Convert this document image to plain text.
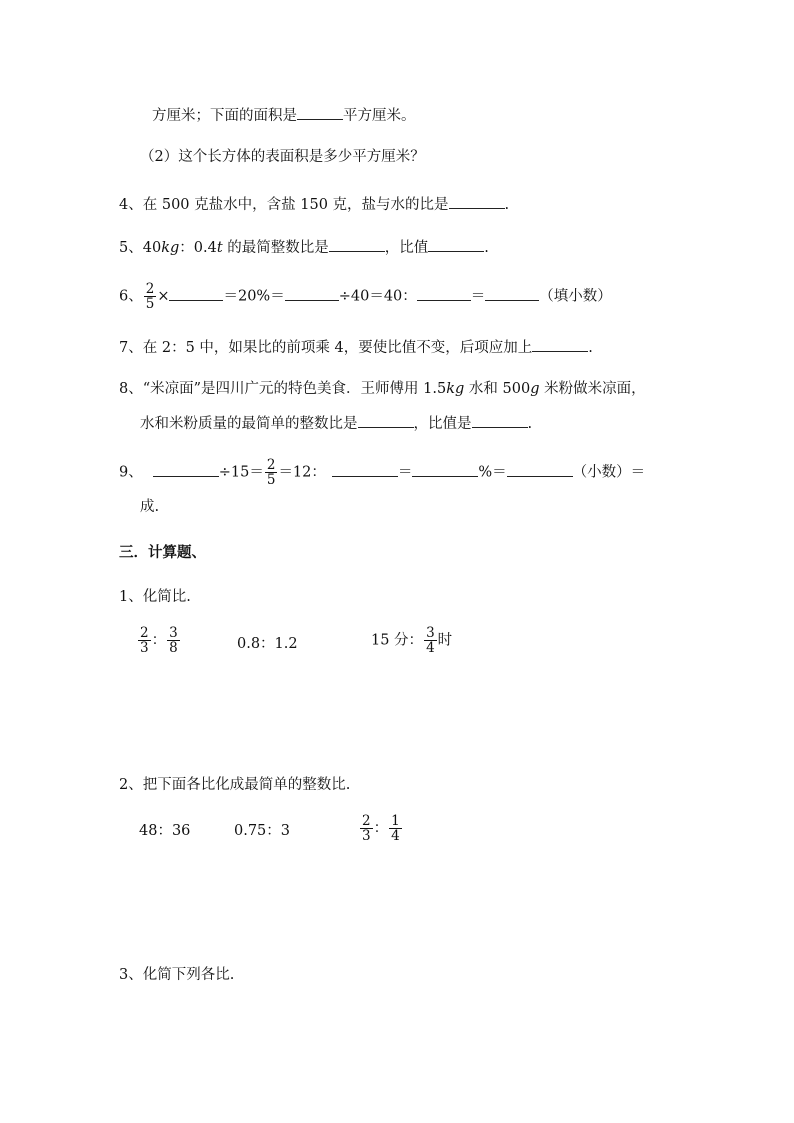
方厘米；下面的面积是	平方厘米。
（2）这个长方体的表面积是多少平方厘米？
4、在 500 克盐水中，含盐 150 克，盐与水的比是	.
5、40kg：0.4t 的最简整数比是	，比值	.
6、 $\frac{2}{5}$ ×	＝20%＝	÷40＝40：	＝	（填小数）
7、在 2：5 中，如果比的前项乘 4，要使比值不变，后项应加上	.
8、“米凉面”是四川广元的特色美食．王师傅用 1.5kg 水和 500g 米粉做米凉面，
水和米粉质量的最简单的整数比是	，比值是	.
9、	$\div 15= \frac{2}{5} =12$：	＝	%＝	（小数）＝
成.
三．计算题、
1、化简比.
$\frac{2}{3}$ ： $\frac{3}{8}$	0.8：1.2	15 分： $\frac{3}{4}$ 时
2、把下面各比化成最简单的整数比.
48：36	0.75：3	$\frac{2}{3}$ ： $\frac{1}{4}$
3、化简下列各比.
